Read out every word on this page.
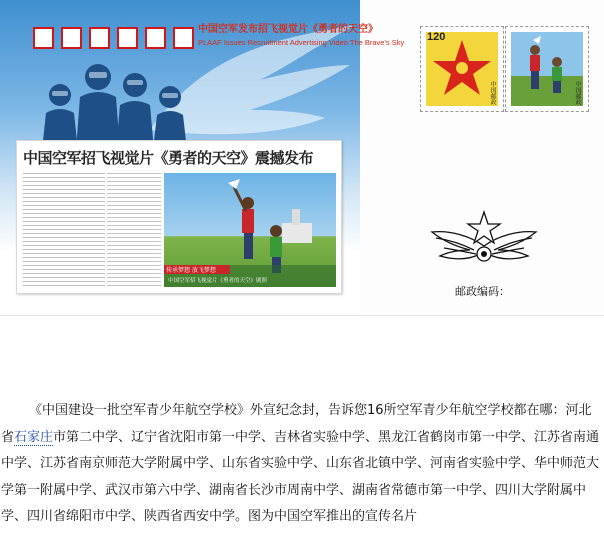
中国空军发布招飞视觉片《勇者的天空》
PLAAF Issues Recruitment Advertising Video The Brave's Sky 120
中国邮政	中国邮政
中国空军招飞视觉片《勇者的天空》震撼发布
传承梦想 放飞梦想
中国空军招飞视觉片《勇者的天空》剧照
邮政编码：
《中国建设一批空军青少年航空学校》外宣纪念封，告诉您16所空军青少年航空学校都在哪：河北省石家庄市第二中学、辽宁省沈阳市第一中学、吉林省实验中学、黑龙江省鹤岗市第一中学、江苏省南通中学、江苏省南京师范大学附属中学、山东省实验中学、山东省北镇中学、河南省实验中学、华中师范大学第一附属中学、武汉市第六中学、湖南省长沙市周南中学、湖南省常德市第一中学、四川大学附属中学、四川省绵阳市中学、陕西省西安中学。图为中国空军推出的宣传名片
